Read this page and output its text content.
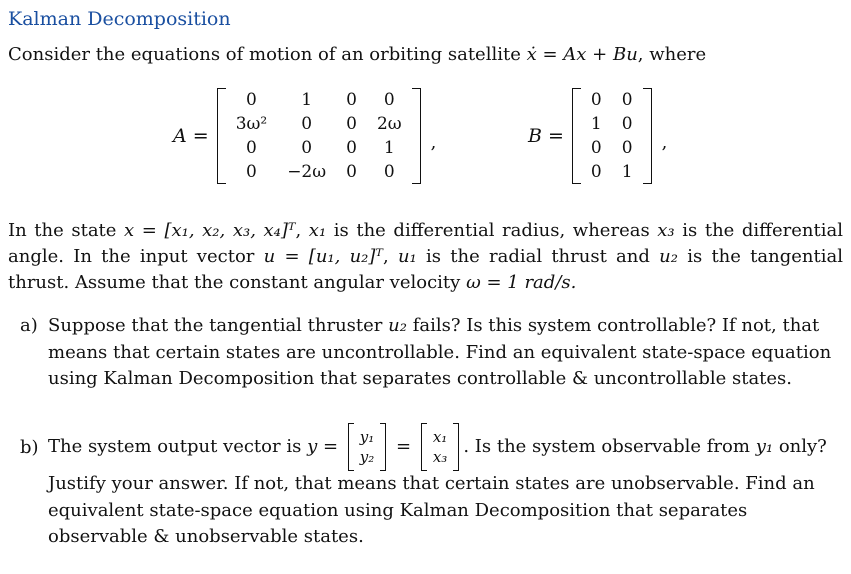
Kalman Decomposition
Consider the equations of motion of an orbiting satellite ẋ = Ax + Bu, where
A =
0	1	0	0
3ω²	0	0	2ω
0	0	0	1
0	−2ω	0	0
,	B =
0	0
1	0
0	0
0	1
,
In the state x = [x₁, x₂, x₃, x₄]ᵀ, x₁ is the differential radius, whereas x₃ is the differential angle. In the input vector u = [u₁, u₂]ᵀ, u₁ is the radial thrust and u₂ is the tangential thrust. Assume that the constant angular velocity ω = 1 rad/s.
a) Suppose that the tangential thruster u₂ fails? Is this system controllable? If not, that means that certain states are uncontrollable. Find an equivalent state-space equation using Kalman Decomposition that separates controllable & uncontrollable states.
b) The system output vector is y = y₁
y₂ = x₁
x₃ . Is the system observable from y₁ only? Justify your answer. If not, that means that certain states are unobservable. Find an equivalent state-space equation using Kalman Decomposition that separates observable & unobservable states.
